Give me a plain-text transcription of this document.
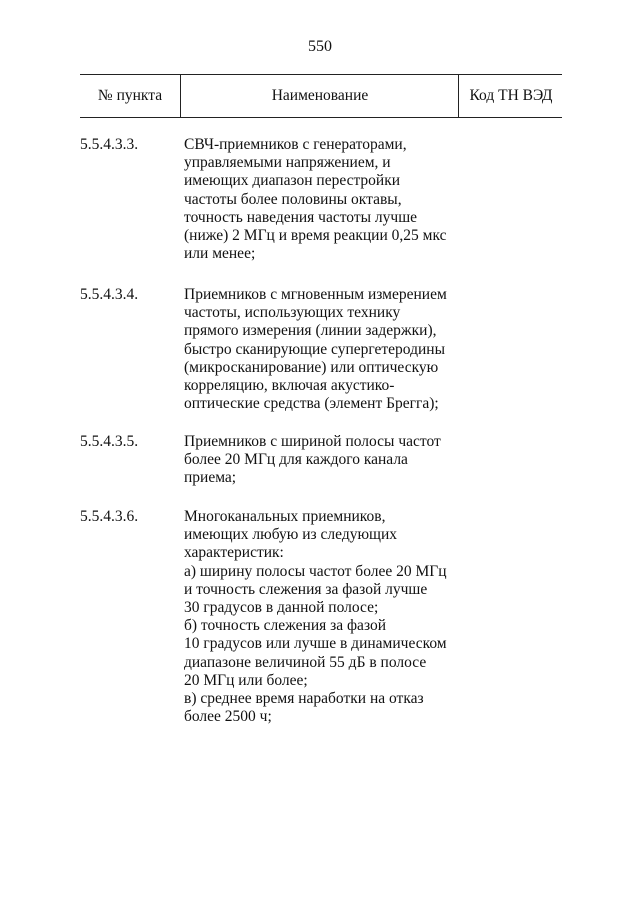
550
№ пункта	Наименование	Код ТН ВЭД
5.5.4.3.3.	СВЧ-приемников с генераторами,
управляемыми напряжением, и
имеющих диапазон перестройки
частоты более половины октавы,
точность наведения частоты лучше
(ниже) 2 МГц и время реакции 0,25 мкс
или менее;
5.5.4.3.4.	Приемников с мгновенным измерением
частоты, использующих технику
прямого измерения (линии задержки),
быстро сканирующие супергетеродины
(микросканирование) или оптическую
корреляцию, включая акустико-
оптические средства (элемент Брегга);
5.5.4.3.5.	Приемников с шириной полосы частот
более 20 МГц для каждого канала
приема;
5.5.4.3.6.	Многоканальных приемников,
имеющих любую из следующих
характеристик:
а) ширину полосы частот более 20 МГц
и точность слежения за фазой лучше
30 градусов в данной полосе;
б) точность слежения за фазой
10 градусов или лучше в динамическом
диапазоне величиной 55 дБ в полосе
20 МГц или более;
в) среднее время наработки на отказ
более 2500 ч;
